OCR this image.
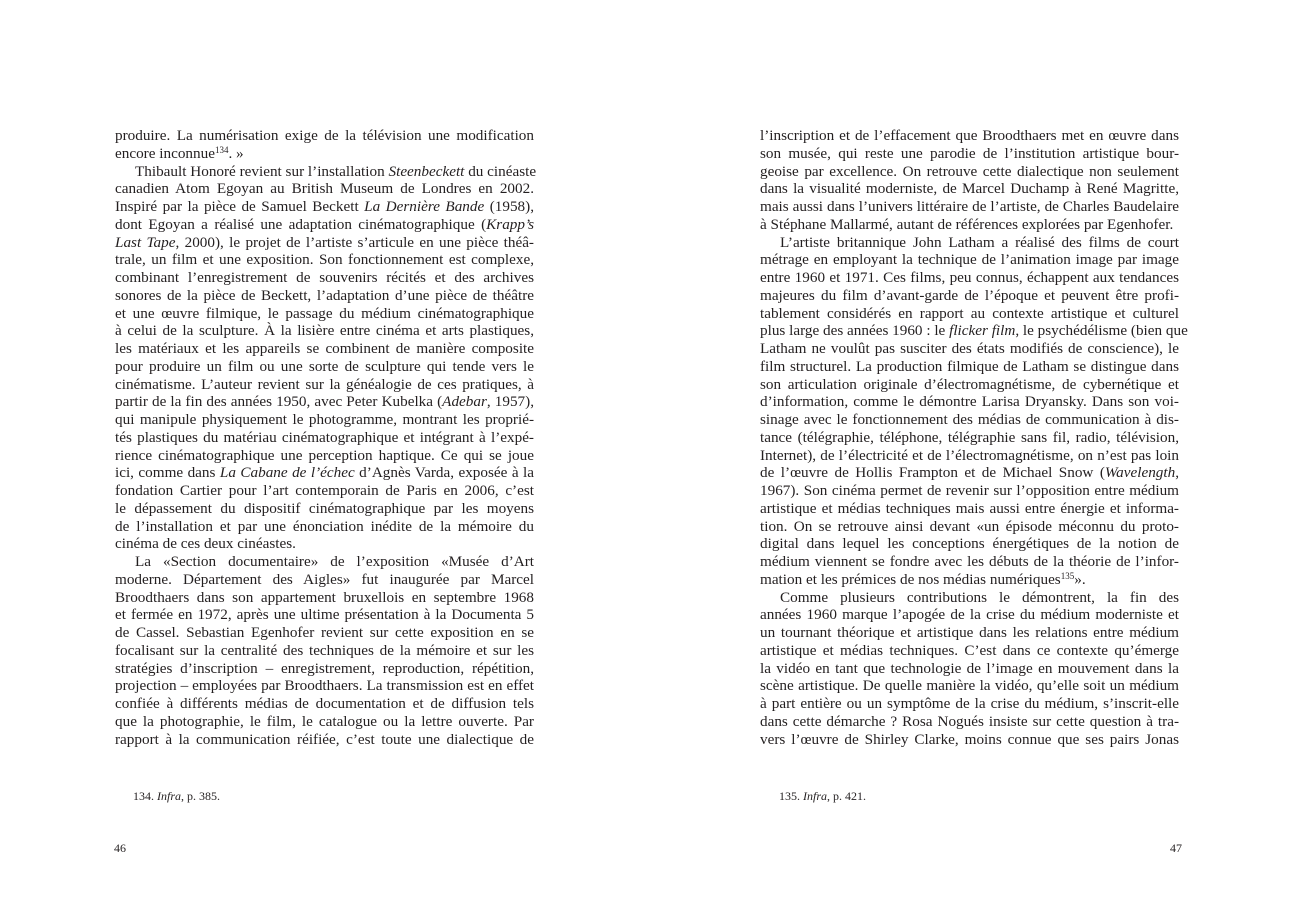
produire. La numérisation exige de la télévision une modification
encore inconnue$^{134}$. »
Thibault Honoré revient sur l’installation Steenbeckett du cinéaste
canadien Atom Egoyan au British Museum de Londres en 2002.
Inspiré par la pièce de Samuel Beckett La Dernière Bande (1958),
dont Egoyan a réalisé une adaptation cinématographique (Krapp’s
Last Tape, 2000), le projet de l’artiste s’articule en une pièce théâ-
trale, un film et une exposition. Son fonctionnement est complexe,
combinant l’enregistrement de souvenirs récités et des archives
sonores de la pièce de Beckett, l’adaptation d’une pièce de théâtre
et une œuvre filmique, le passage du médium cinématographique
à celui de la sculpture. À la lisière entre cinéma et arts plastiques,
les matériaux et les appareils se combinent de manière composite
pour produire un film ou une sorte de sculpture qui tende vers le
cinématisme. L’auteur revient sur la généalogie de ces pratiques, à
partir de la fin des années 1950, avec Peter Kubelka (Adebar, 1957),
qui manipule physiquement le photogramme, montrant les proprié-
tés plastiques du matériau cinématographique et intégrant à l’expé-
rience cinématographique une perception haptique. Ce qui se joue
ici, comme dans La Cabane de l’échec d’Agnès Varda, exposée à la
fondation Cartier pour l’art contemporain de Paris en 2006, c’est
le dépassement du dispositif cinématographique par les moyens
de l’installation et par une énonciation inédite de la mémoire du
cinéma de ces deux cinéastes.
La «Section documentaire» de l’exposition «Musée d’Art
moderne. Département des Aigles» fut inaugurée par Marcel
Broodthaers dans son appartement bruxellois en septembre 1968
et fermée en 1972, après une ultime présentation à la Documenta 5
de Cassel. Sebastian Egenhofer revient sur cette exposition en se
focalisant sur la centralité des techniques de la mémoire et sur les
stratégies d’inscription – enregistrement, reproduction, répétition,
projection – employées par Broodthaers. La transmission est en effet
confiée à différents médias de documentation et de diffusion tels
que la photographie, le film, le catalogue ou la lettre ouverte. Par
rapport à la communication réifiée, c’est toute une dialectique de
134. Infra, p. 385.
46
l’inscription et de l’effacement que Broodthaers met en œuvre dans
son musée, qui reste une parodie de l’institution artistique bour-
geoise par excellence. On retrouve cette dialectique non seulement
dans la visualité moderniste, de Marcel Duchamp à René Magritte,
mais aussi dans l’univers littéraire de l’artiste, de Charles Baudelaire
à Stéphane Mallarmé, autant de références explorées par Egenhofer.
L’artiste britannique John Latham a réalisé des films de court
métrage en employant la technique de l’animation image par image
entre 1960 et 1971. Ces films, peu connus, échappent aux tendances
majeures du film d’avant-garde de l’époque et peuvent être profi-
tablement considérés en rapport au contexte artistique et culturel
plus large des années 1960 : le flicker film, le psychédélisme (bien que
Latham ne voulût pas susciter des états modifiés de conscience), le
film structurel. La production filmique de Latham se distingue dans
son articulation originale d’électromagnétisme, de cybernétique et
d’information, comme le démontre Larisa Dryansky. Dans son voi-
sinage avec le fonctionnement des médias de communication à dis-
tance (télégraphie, téléphone, télégraphie sans fil, radio, télévision,
Internet), de l’électricité et de l’électromagnétisme, on n’est pas loin
de l’œuvre de Hollis Frampton et de Michael Snow (Wavelength,
1967). Son cinéma permet de revenir sur l’opposition entre médium
artistique et médias techniques mais aussi entre énergie et informa-
tion. On se retrouve ainsi devant «un épisode méconnu du proto-
digital dans lequel les conceptions énergétiques de la notion de
médium viennent se fondre avec les débuts de la théorie de l’infor-
mation et les prémices de nos médias numériques$^{135}$».
Comme plusieurs contributions le démontrent, la fin des
années 1960 marque l’apogée de la crise du médium moderniste et
un tournant théorique et artistique dans les relations entre médium
artistique et médias techniques. C’est dans ce contexte qu’émerge
la vidéo en tant que technologie de l’image en mouvement dans la
scène artistique. De quelle manière la vidéo, qu’elle soit un médium
à part entière ou un symptôme de la crise du médium, s’inscrit-elle
dans cette démarche ? Rosa Nogués insiste sur cette question à tra-
vers l’œuvre de Shirley Clarke, moins connue que ses pairs Jonas
135. Infra, p. 421.
47
